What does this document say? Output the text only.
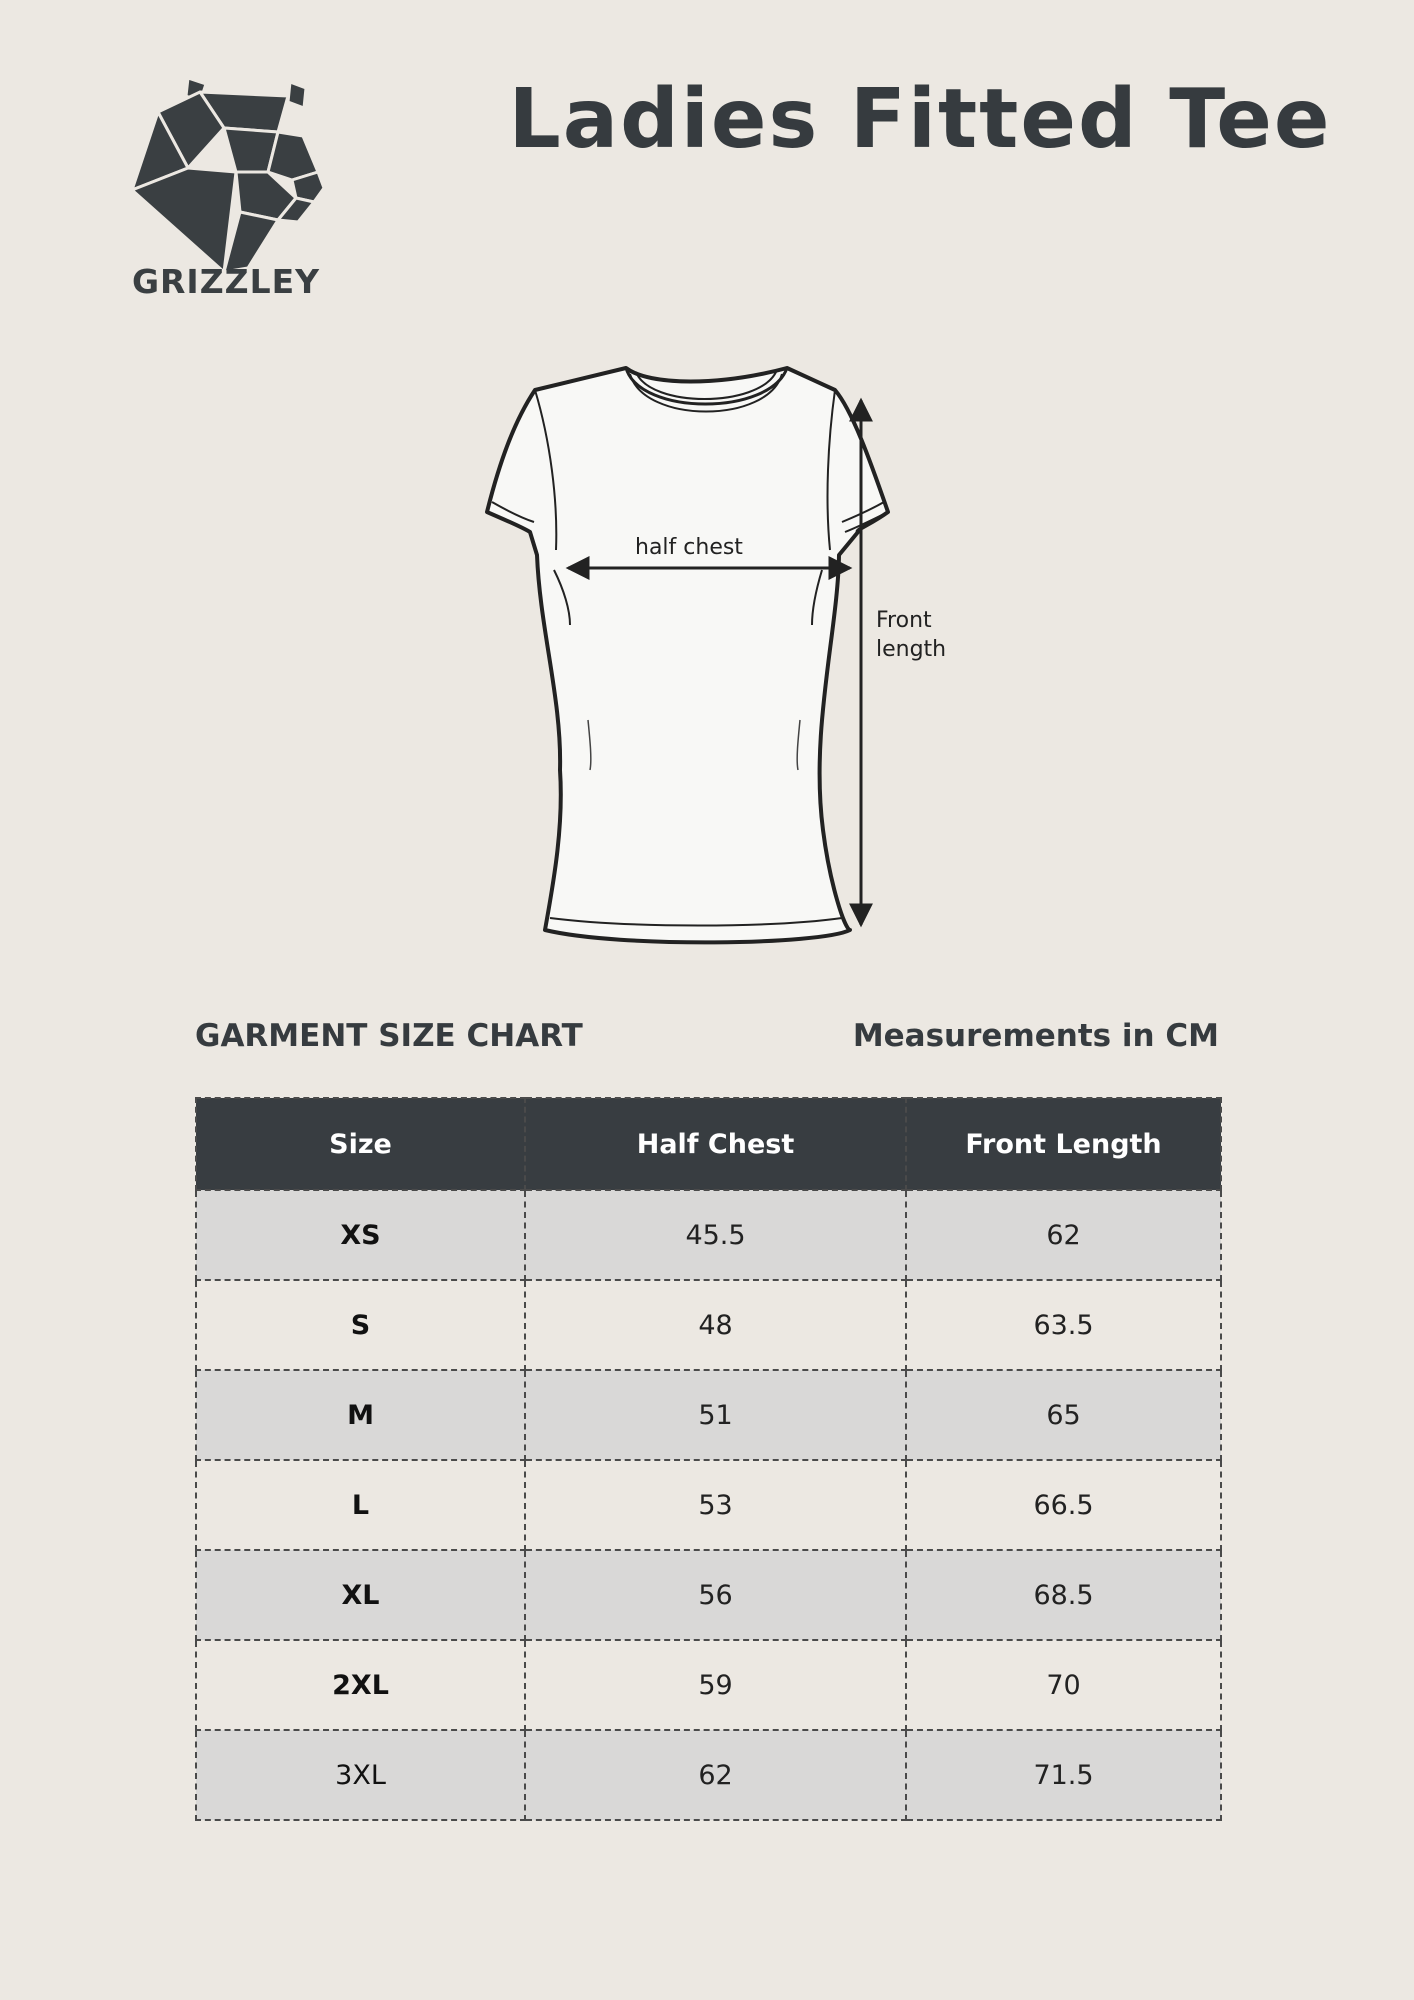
GRIZZLEY
Ladies Fitted Tee
half chest
Front
length
GARMENT SIZE CHART	Measurements in CM
Size	Half Chest	Front Length
XS	45.5	62
S	48	63.5
M	51	65
L	53	66.5
XL	56	68.5
2XL	59	70
3XL	62	71.5
